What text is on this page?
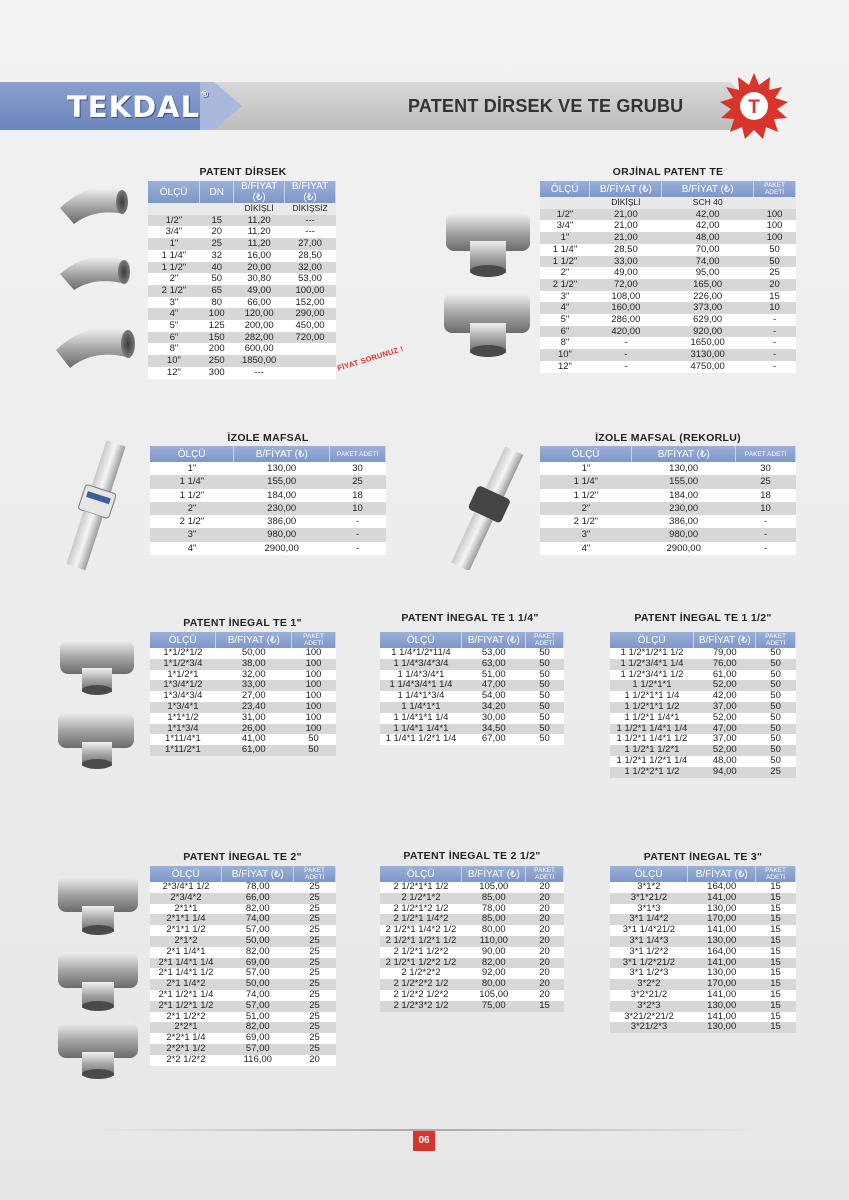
TEKDAL®
PATENT DİRSEK VE TE GRUBU	T
PATENT DİRSEK
ÖLÇÜ	DN	B/FİYAT (₺)	B/FİYAT (₺)
		DİKİŞLİ	DİKİŞSİZ
1/2"	15	11,20	---
3/4"	20	11,20	---
1"	25	11,20	27,00
1 1/4"	32	16,00	28,50
1 1/2"	40	20,00	32,00
2"	50	30,80	53,00
2 1/2"	65	49,00	100,00
3"	80	66,00	152,00
4"	100	120,00	290,00
5"	125	200,00	450,00
6"	150	282,00	720,00
8"	200	600,00	
10"	250	1850,00	
12"	300	---		FİYAT SORUNUZ !
ORJİNAL PATENT TE
ÖLÇÜ	B/FİYAT (₺)	B/FİYAT (₺)	PAKET ADETİ
	DİKİŞLİ	SCH 40	
1/2"	21,00	42,00	100
3/4"	21,00	42,00	100
1"	21,00	48,00	100
1 1/4"	28,50	70,00	50
1 1/2"	33,00	74,00	50
2"	49,00	95,00	25
2 1/2"	72,00	165,00	20
3"	108,00	226,00	15
4"	160,00	373,00	10
5"	286,00	629,00	-
6"	420,00	920,00	-
8"	-	1650,00	-
10"	-	3130,00	-
12"	-	4750,00	-
İZOLE MAFSAL
ÖLÇÜ	B/FİYAT (₺)	PAKET ADETİ
1"	130,00	30
1 1/4"	155,00	25
1 1/2"	184,00	18
2"	230,00	10
2 1/2"	386,00	-
3"	980,00	-
4"	2900,00	-
İZOLE MAFSAL (REKORLU)
ÖLÇÜ	B/FİYAT (₺)	PAKET ADETİ
1"	130,00	30
1 1/4"	155,00	25
1 1/2"	184,00	18
2"	230,00	10
2 1/2"	386,00	-
3"	980,00	-
4"	2900,00	-
PATENT İNEGAL TE 1"
ÖLÇÜ	B/FİYAT (₺)	PAKET ADETİ
1*1/2*1/2	50,00	100
1*1/2*3/4	38,00	100
1*1/2*1	32,00	100
1*3/4*1/2	33,00	100
1*3/4*3/4	27,00	100
1*3/4*1	23,40	100
1*1*1/2	31,00	100
1*1*3/4	26,00	100
1*11/4*1	41,00	50
1*11/2*1	61,00	50
PATENT İNEGAL TE 1 1/4"
ÖLÇÜ	B/FİYAT (₺)	PAKET ADETİ
1 1/4*1/2*11/4	53,00	50
1 1/4*3/4*3/4	63,00	50
1 1/4*3/4*1	51,00	50
1 1/4*3/4*1 1/4	47,00	50
1 1/4*1*3/4	54,00	50
1 1/4*1*1	34,20	50
1 1/4*1*1 1/4	30,00	50
1 1/4*1 1/4*1	34,50	50
1 1/4*1 1/2*1 1/4	67,00	50
PATENT İNEGAL TE 1 1/2"
ÖLÇÜ	B/FİYAT (₺)	PAKET ADETİ
1 1/2*1/2*1 1/2	79,00	50
1 1/2*3/4*1 1/4	76,00	50
1 1/2*3/4*1 1/2	61,00	50
1 1/2*1*1	52,00	50
1 1/2*1*1 1/4	42,00	50
1 1/2*1*1 1/2	37,00	50
1 1/2*1 1/4*1	52,00	50
1 1/2*1 1/4*1 1/4	47,00	50
1 1/2*1 1/4*1 1/2	37,00	50
1 1/2*1 1/2*1	52,00	50
1 1/2*1 1/2*1 1/4	48,00	50
1 1/2*2*1 1/2	94,00	25
PATENT İNEGAL TE 2"
ÖLÇÜ	B/FİYAT (₺)	PAKET ADETİ
2*3/4*1 1/2	78,00	25
2*3/4*2	66,00	25
2*1*1	82,00	25
2*1*1 1/4	74,00	25
2*1*1 1/2	57,00	25
2*1*2	50,00	25
2*1 1/4*1	82,00	25
2*1 1/4*1 1/4	69,00	25
2*1 1/4*1 1/2	57,00	25
2*1 1/4*2	50,00	25
2*1 1/2*1 1/4	74,00	25
2*1 1/2*1 1/2	57,00	25
2*1 1/2*2	51,00	25
2*2*1	82,00	25
2*2*1 1/4	69,00	25
2*2*1 1/2	57,00	25
2*2 1/2*2	116,00	20
PATENT İNEGAL TE 2 1/2"
ÖLÇÜ	B/FİYAT (₺)	PAKET ADETİ
2 1/2*1*1 1/2	105,00	20
2 1/2*1*2	85,00	20
2 1/2*1*2 1/2	78,00	20
2 1/2*1 1/4*2	85,00	20
2 1/2*1 1/4*2 1/2	80,00	20
2 1/2*1 1/2*1 1/2	110,00	20
2 1/2*1 1/2*2	90,00	20
2 1/2*1 1/2*2 1/2	82,00	20
2 1/2*2*2	92,00	20
2 1/2*2*2 1/2	80,00	20
2 1/2*2 1/2*2	105,00	20
2 1/2*3*2 1/2	75,00	15
PATENT İNEGAL TE 3"
ÖLÇÜ	B/FİYAT (₺)	PAKET ADETİ
3*1*2	164,00	15
3*1*21/2	141,00	15
3*1*3	130,00	15
3*1 1/4*2	170,00	15
3*1 1/4*21/2	141,00	15
3*1 1/4*3	130,00	15
3*1 1/2*2	164,00	15
3*1 1/2*21/2	141,00	15
3*1 1/2*3	130,00	15
3*2*2	170,00	15
3*2*21/2	141,00	15
3*2*3	130,00	15
3*21/2*21/2	141,00	15
3*21/2*3	130,00	15
06
